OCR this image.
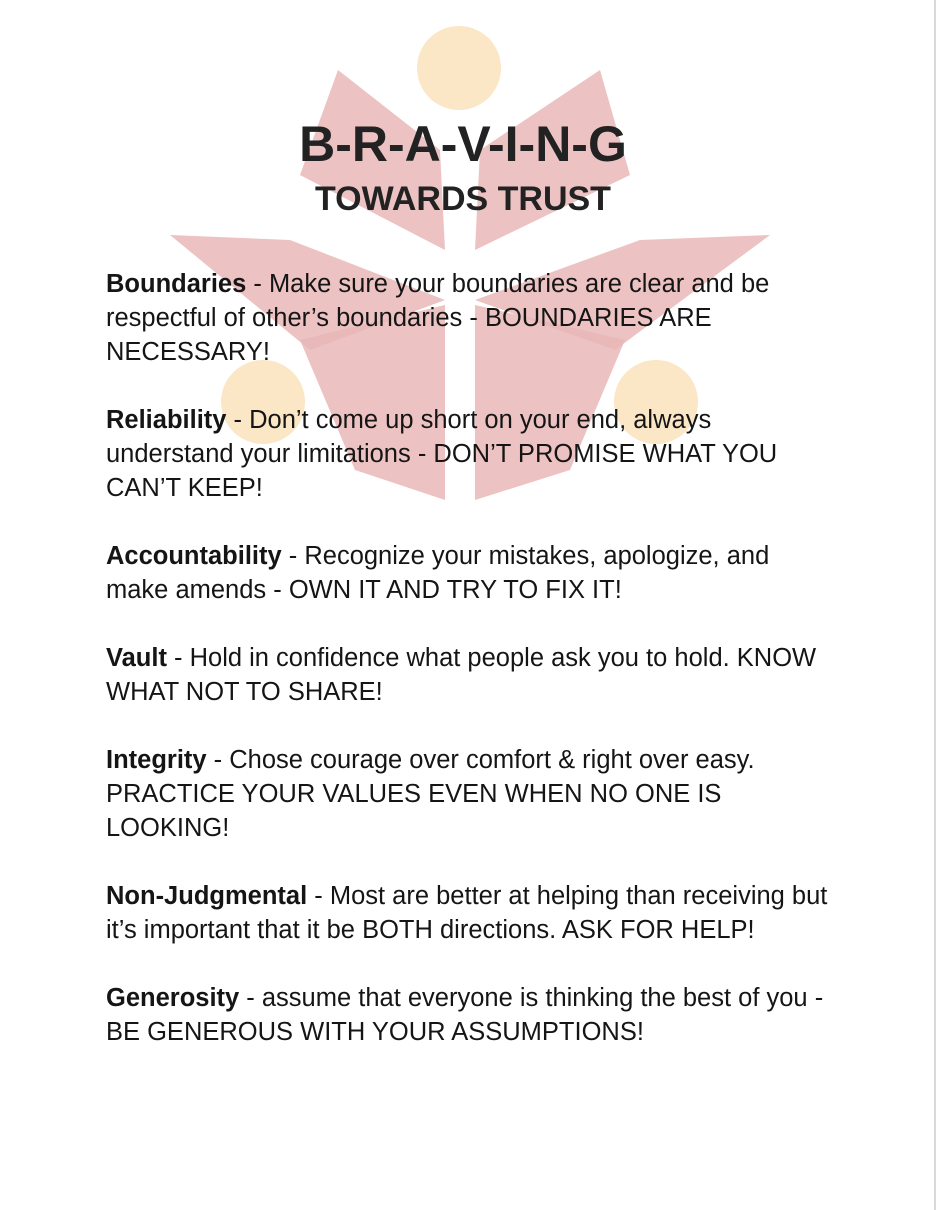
B-R-A-V-I-N-G
TOWARDS TRUST

Boundaries - Make sure your boundaries are clear and be respectful of other’s boundaries - BOUNDARIES ARE NECESSARY!

Reliability - Don’t come up short on your end, always understand your limitations - DON’T PROMISE WHAT YOU CAN’T KEEP!

Accountability - Recognize your mistakes, apologize, and make amends - OWN IT AND TRY TO FIX IT!

Vault - Hold in confidence what people ask you to hold. KNOW WHAT NOT TO SHARE!

Integrity - Chose courage over comfort & right over easy. PRACTICE YOUR VALUES EVEN WHEN NO ONE IS LOOKING!

Non-Judgmental - Most are better at helping than receiving but it’s important that it be BOTH directions. ASK FOR HELP!

Generosity - assume that everyone is thinking the best of you - BE GENEROUS WITH YOUR ASSUMPTIONS!
